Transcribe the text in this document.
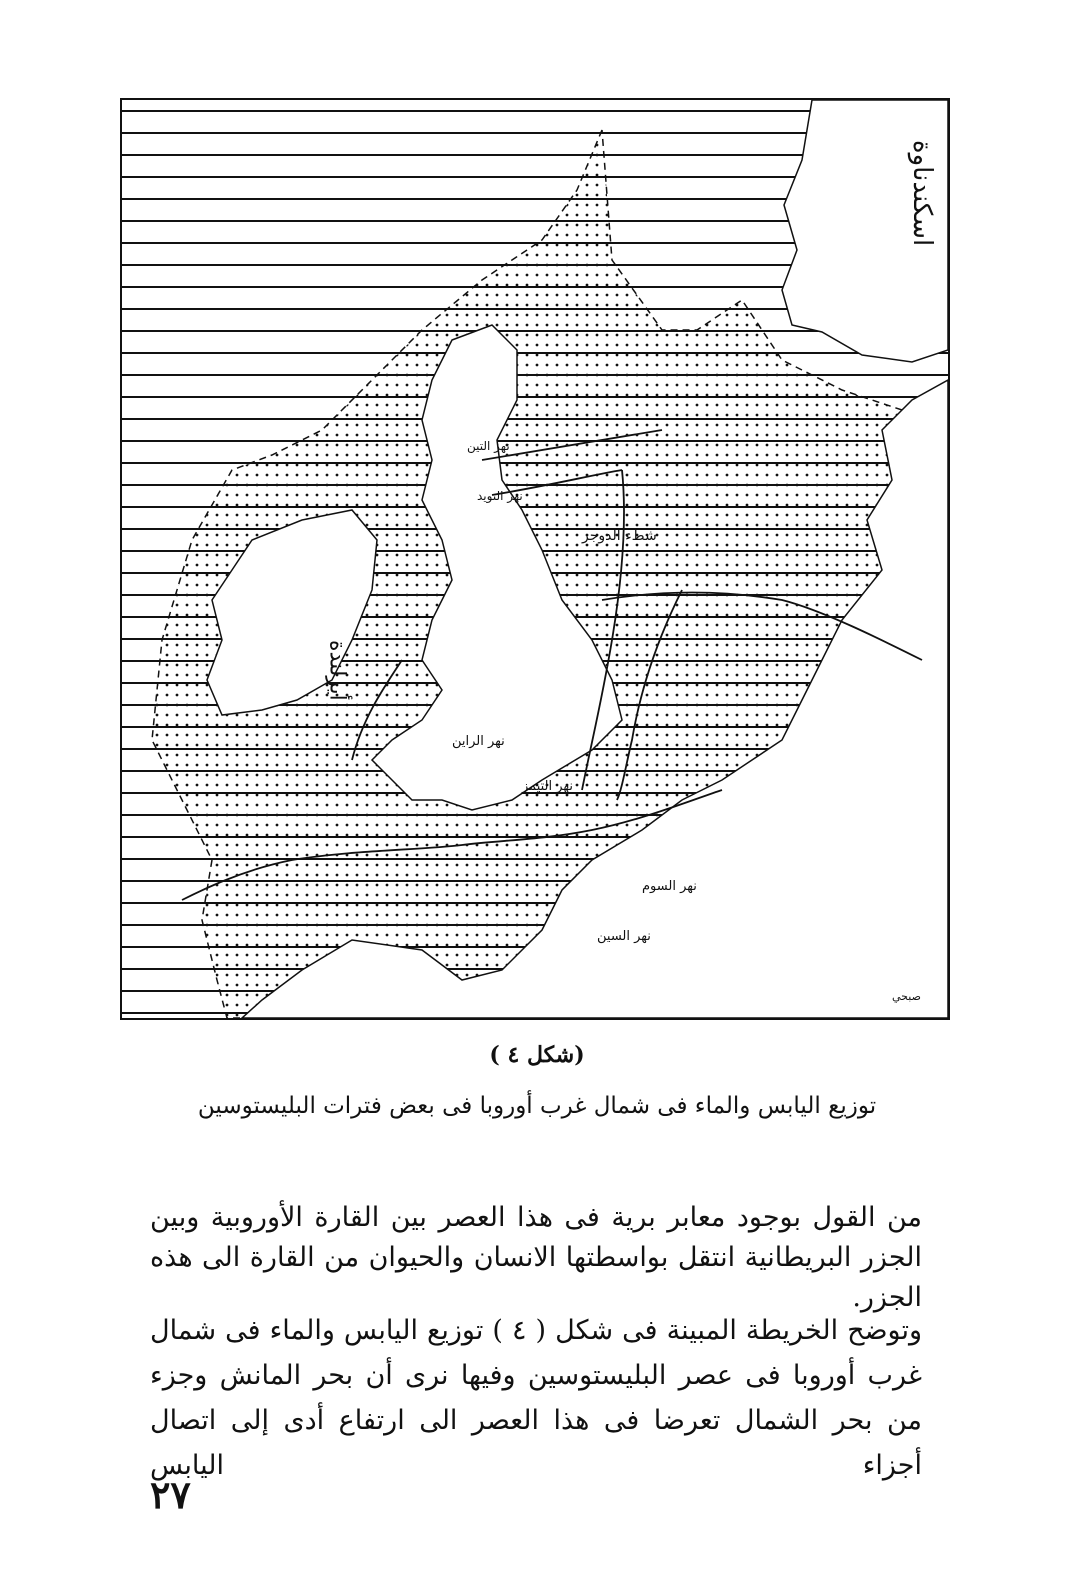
اسكندناوة
أيرلندة
شطء الدوجر
نهر التين
نهر التويد
نهر التيمز
نهر الراين
نهر السين
نهر السوم
صبحي
(شكل ٤ )
توزيع اليابس والماء فى شمال غرب أوروبا فى بعض فترات البليستوسين
من القول بوجود معابر برية فى هذا العصر بين القارة الأوروبية وبين الجزر البريطانية انتقل بواسطتها الانسان والحيوان من القارة الى هذه الجزر.
وتوضح الخريطة المبينة فى شكل ( ٤ ) توزيع اليابس والماء فى شمال غرب أوروبا فى عصر البليستوسين وفيها نرى أن بحر المانش وجزء من بحر الشمال تعرضا فى هذا العصر الى ارتفاع أدى إلى اتصال أجزاء اليابس
٢٧
